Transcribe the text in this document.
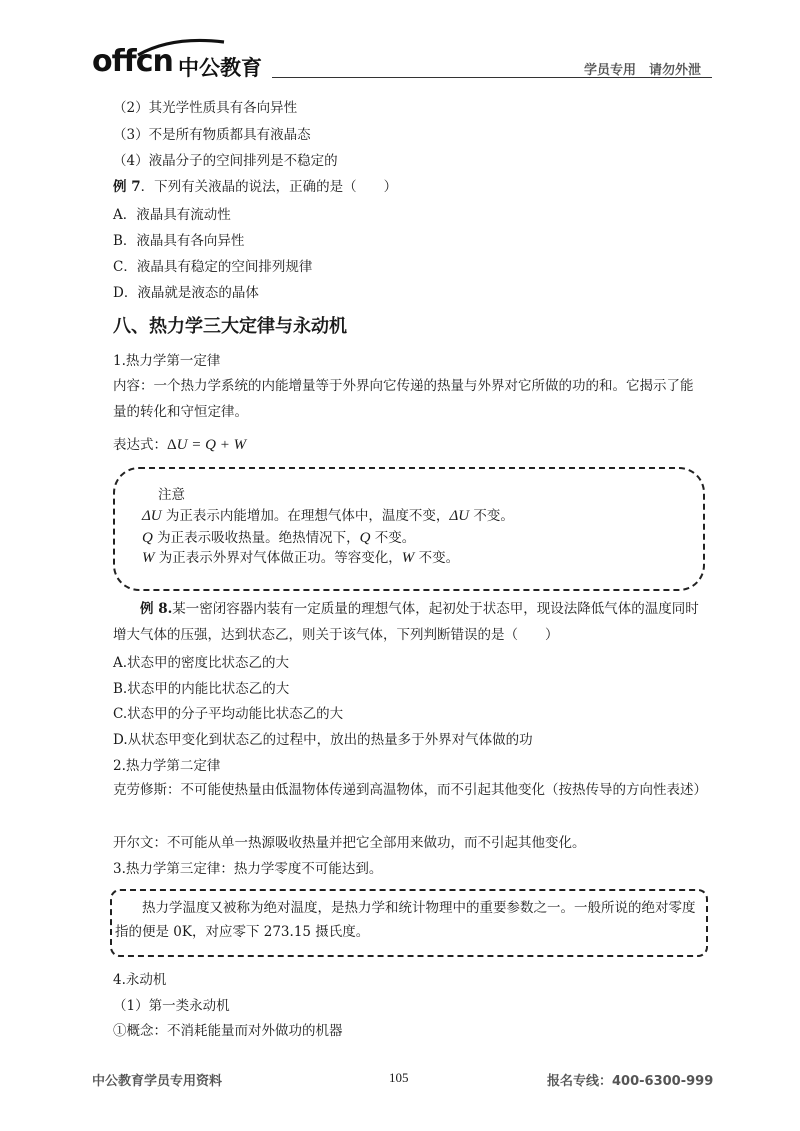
offcn 中公教育	学员专用　请勿外泄
（2）其光学性质具有各向异性
（3）不是所有物质都具有液晶态
（4）液晶分子的空间排列是不稳定的
例 7．下列有关液晶的说法，正确的是（　　）
A．液晶具有流动性
B．液晶具有各向异性
C．液晶具有稳定的空间排列规律
D．液晶就是液态的晶体
八、热力学三大定律与永动机
1.热力学第一定律
内容：一个热力学系统的内能增量等于外界向它传递的热量与外界对它所做的功的和。它揭示了能量的转化和守恒定律。
表达式：ΔU = Q + W
注意
ΔU 为正表示内能增加。在理想气体中，温度不变，ΔU 不变。
Q 为正表示吸收热量。绝热情况下，Q 不变。
W 为正表示外界对气体做正功。等容变化，W 不变。
例 8.某一密闭容器内装有一定质量的理想气体，起初处于状态甲，现设法降低气体的温度同时增大气体的压强，达到状态乙，则关于该气体，下列判断错误的是（　　）
A.状态甲的密度比状态乙的大
B.状态甲的内能比状态乙的大
C.状态甲的分子平均动能比状态乙的大
D.从状态甲变化到状态乙的过程中，放出的热量多于外界对气体做的功
2.热力学第二定律
克劳修斯：不可能使热量由低温物体传递到高温物体，而不引起其他变化（按热传导的方向性表述）
开尔文：不可能从单一热源吸收热量并把它全部用来做功，而不引起其他变化。
3.热力学第三定律：热力学零度不可能达到。
热力学温度又被称为绝对温度，是热力学和统计物理中的重要参数之一。一般所说的绝对零度指的便是 0K，对应零下 273.15 摄氏度。
4.永动机
（1）第一类永动机
①概念：不消耗能量而对外做功的机器
中公教育学员专用资料	105	报名专线：400-6300-999
